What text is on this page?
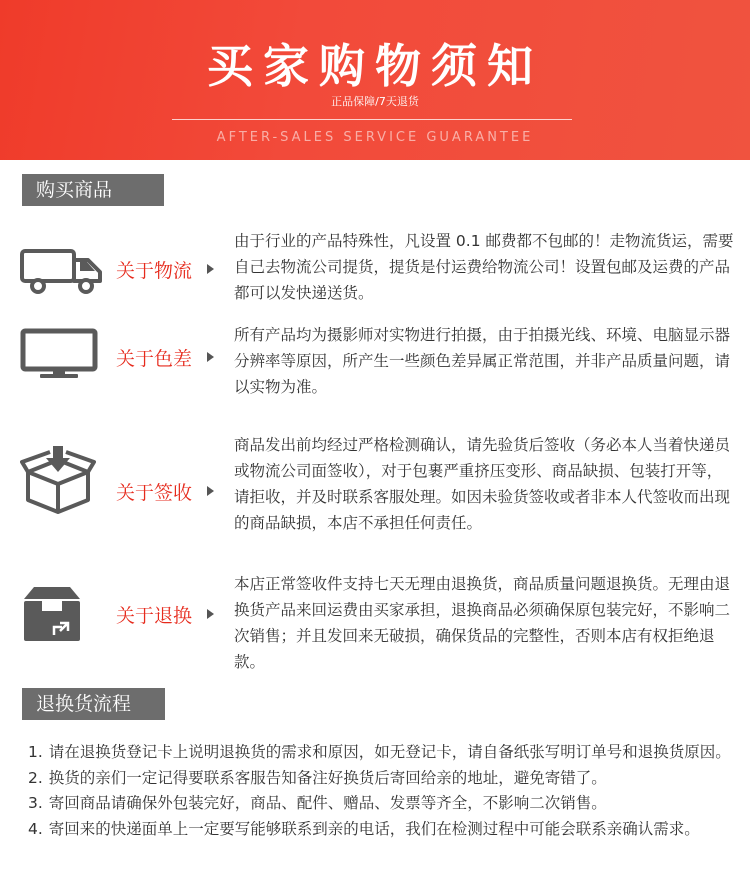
买家购物须知
正品保障/7天退货
AFTER-SALES SERVICE GUARANTEE
购买商品
关于物流
由于行业的产品特殊性，凡设置 0.1 邮费都不包邮的！走物流货运，需要自己去物流公司提货，提货是付运费给物流公司！设置包邮及运费的产品都可以发快递送货。
关于色差
所有产品均为摄影师对实物进行拍摄，由于拍摄光线、环境、电脑显示器分辨率等原因，所产生一些颜色差异属正常范围，并非产品质量问题，请以实物为准。
关于签收
商品发出前均经过严格检测确认，请先验货后签收（务必本人当着快递员或物流公司面签收），对于包裹严重挤压变形、商品缺损、包装打开等，请拒收，并及时联系客服处理。如因未验货签收或者非本人代签收而出现的商品缺损，本店不承担任何责任。
关于退换
本店正常签收件支持七天无理由退换货，商品质量问题退换货。无理由退换货产品来回运费由买家承担，退换商品必须确保原包装完好，不影响二次销售；并且发回来无破损，确保货品的完整性，否则本店有权拒绝退款。
退换货流程
1. 请在退换货登记卡上说明退换货的需求和原因，如无登记卡，请自备纸张写明订单号和退换货原因。
2. 换货的亲们一定记得要联系客服告知备注好换货后寄回给亲的地址，避免寄错了。
3. 寄回商品请确保外包装完好，商品、配件、赠品、发票等齐全，不影响二次销售。
4. 寄回来的快递面单上一定要写能够联系到亲的电话，我们在检测过程中可能会联系亲确认需求。
